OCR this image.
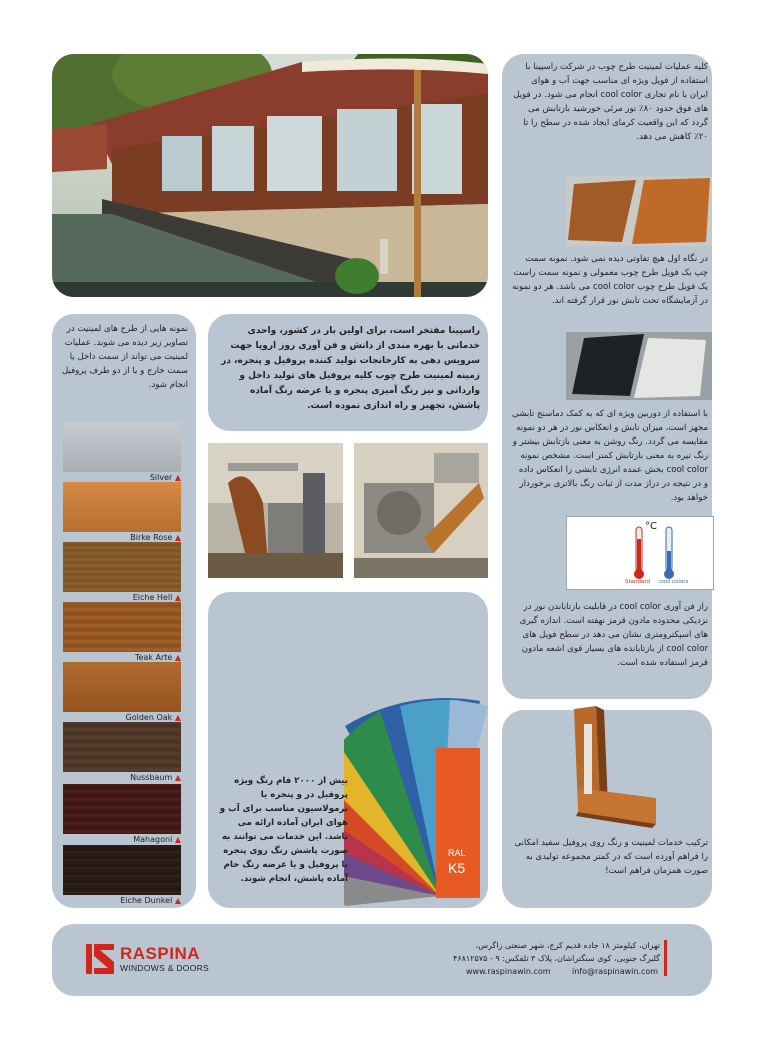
کلیه عملیات لمینیت طرح چوب در شرکت راسپینا با استفاده از فویل ویژه ای مناسب جهت آب و هوای ایران با نام تجاری cool color انجام می شود. در فویل های فوق حدود ۸۰٪ نور مرئی خورشید بازتابش می گردد که این واقعیت کرمای ایجاد شده در سطح را تا ۲۰٪ کاهش می دهد.
در نگاه اول هیچ تفاوتی دیده نمی شود. نمونه سمت چپ یک فویل طرح چوب معمولی و نمونه سمت راست یک فویل طرح چوب cool color می باشد. هر دو نمونه در آزمایشگاه تحت تابش نور قرار گرفته اند.
با استفاده از دوربین ویژه ای که به کمک دماسنج تابشی مجهز است، میزان تابش و انعکاس نور در هر دو نمونه مقایسه می گردد. رنگ روشن به معنی بازتابش بیشتر و رنگ تیره به معنی بازتابش کمتر است. مشخص نمونه cool color بخش عمده انرژی تابشی را انعکاس داده و در نتیجه در دراز مدت از ثبات رنگ بالاتری برخوردار خواهد بود.
°C
Standard cool colors
راز فن آوری cool color در قابلیت بازتاباندن نور در نزدیکی محدوده مادون قرمز نهفته است. اندازه گیری های اسپکترومتری نشان می دهد در سطح فویل های cool color از بازتابانده های بسیار قوی اشعه مادون قرمز استفاده شده است.
راسپینا مفتخر است، برای اولین بار در کشور، واحدی خدماتی با بهره مندی از دانش و فن آوری روز اروپا جهت سرویس دهی به کارخانجات تولید کننده پروفیل و پنجره، در زمینه لمینیت طرح چوب کلیه پروفیل های تولید داخل و وارداتی و نیز رنگ آمیزی پنجره و یا عرضه رنگ آماده پاشش، تجهیز و راه اندازی نموده است.
نمونه هایی از طرح های لمینیت در تصاویر زیر دیده می شوند. عملیات لمینیت می تواند از سمت داخل یا سمت خارج و یا از دو طرف پروفیل انجام شود.
Silver ▲
Birke Rose ▲
Eiche Hell ▲
Teak Arte ▲
Golden Oak ▲
Nussbaum ▲
Mahagoni ▲
Eiche Dunkel ▲
RAL
K5
بیش از ۲۰۰۰ فام رنگ ویژه پروفیل در و پنجره یا نرمولاسیون مناسب برای آب و هوای ایران آماده ارائه می باشد. این خدمات می توانند به صورت پاشش رنگ روی پنجره یا پروفیل و یا عرضه رنگ خام آماده پاشش، انجام شوند.
ترکیب خدمات لمینیت و رنگ روی پروفیل سفید امکانی را فراهم آورده است که در کمتر مجموعه تولیدی به صورت همزمان فراهم است!
RASPINA
WINDOWS & DOORS
تهران، کیلومتر ۱۸ جاده قدیم کرج، شهر صنعتی زاگرس،
گلبرگ جنوبی، کوی سنگتراشان، پلاک ۳ تلفکس: ۹ - ۴۶۸۱۲۵۷۵
www.raspinawin.com	info@raspinawin.com
